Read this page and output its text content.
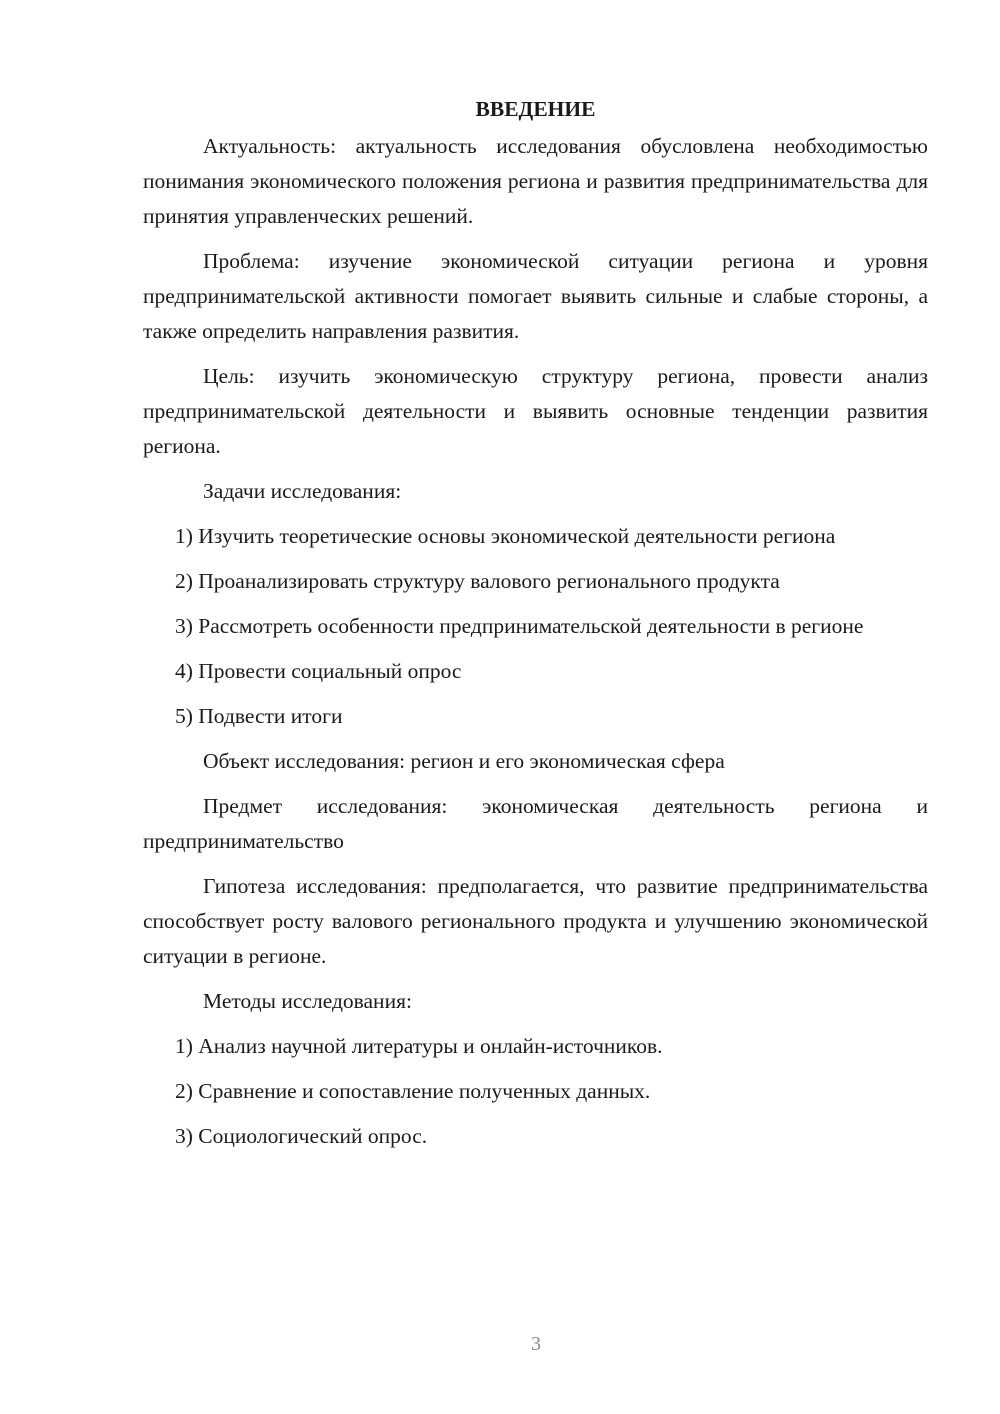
ВВЕДЕНИЕ

Актуальность: актуальность исследования обусловлена необходимостью понимания экономического положения региона и развития предпринимательства для принятия управленческих решений.

Проблема: изучение экономической ситуации региона и уровня предпринимательской активности помогает выявить сильные и слабые стороны, а также определить направления развития.

Цель: изучить экономическую структуру региона, провести анализ предпринимательской деятельности и выявить основные тенденции развития региона.

Задачи исследования:

1) Изучить теоретические основы экономической деятельности региона

2) Проанализировать структуру валового регионального продукта

3) Рассмотреть особенности предпринимательской деятельности в регионе

4) Провести социальный опрос

5) Подвести итоги

Объект исследования: регион и его экономическая сфера

Предмет исследования: экономическая деятельность региона и предпринимательство

Гипотеза исследования: предполагается, что развитие предпринимательства способствует росту валового регионального продукта и улучшению экономической ситуации в регионе.

Методы исследования:

1) Анализ научной литературы и онлайн-источников.

2) Сравнение и сопоставление полученных данных.

3) Социологический опрос.

3
